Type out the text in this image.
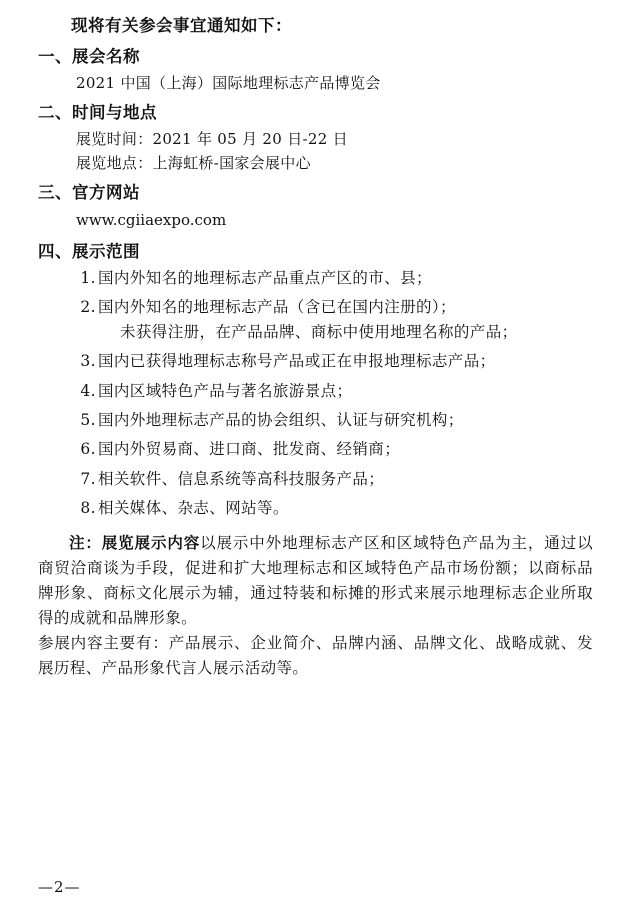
现将有关参会事宜通知如下：

一、展会名称

2021 中国（上海）国际地理标志产品博览会

二、时间与地点

展览时间：2021 年 05 月 20 日-22 日

展览地点：上海虹桥-国家会展中心

三、官方网站

www.cgiiaexpo.com

四、展示范围
1. 国内外知名的地理标志产品重点产区的市、县；
2. 国内外知名的地理标志产品（含已在国内注册的）；
未获得注册，在产品品牌、商标中使用地理名称的产品；
3. 国内已获得地理标志称号产品或正在申报地理标志产品；
4. 国内区域特色产品与著名旅游景点；
5. 国内外地理标志产品的协会组织、认证与研究机构；
6. 国内外贸易商、进口商、批发商、经销商；
7. 相关软件、信息系统等高科技服务产品；
8. 相关媒体、杂志、网站等。

注：展览展示内容以展示中外地理标志产区和区域特色产品为主，通过以商贸洽商谈为手段，促进和扩大地理标志和区域特色产品市场份额；以商标品牌形象、商标文化展示为辅，通过特装和标摊的形式来展示地理标志企业所取得的成就和品牌形象。

参展内容主要有：产品展示、企业简介、品牌内涵、品牌文化、战略成就、发展历程、产品形象代言人展示活动等。

—2—
